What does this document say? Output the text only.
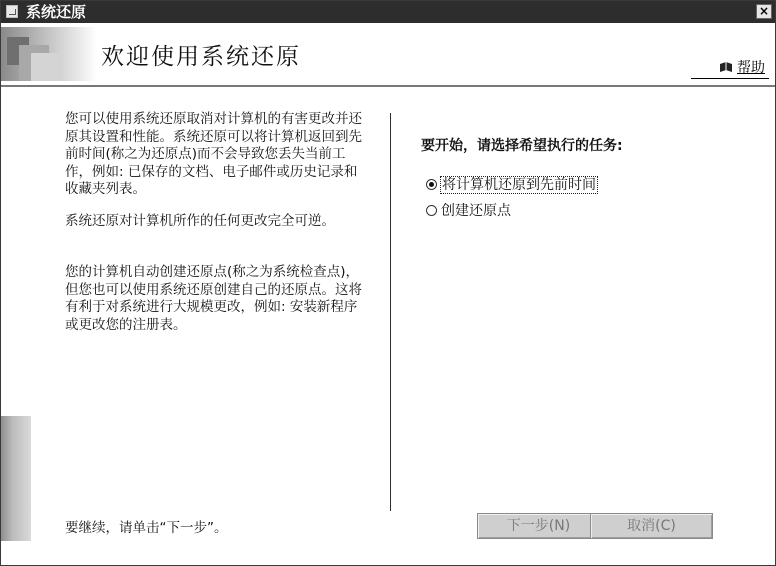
系统还原	×
欢迎使用系统还原	帮助

您可以使用系统还原取消对计算机的有害更改并还原其设置和性能。系统还原可以将计算机返回到先前时间(称之为还原点)而不会导致您丢失当前工作，例如: 已保存的文档、电子邮件或历史记录和收藏夹列表。

系统还原对计算机所作的任何更改完全可逆。

您的计算机自动创建还原点(称之为系统检查点)，但您也可以使用系统还原创建自己的还原点。这将有利于对系统进行大规模更改，例如: 安装新程序或更改您的注册表。

要开始，请选择希望执行的任务:
将计算机还原到先前时间
创建还原点
要继续，请单击“下一步”。	下一步(N)	取消(C)
